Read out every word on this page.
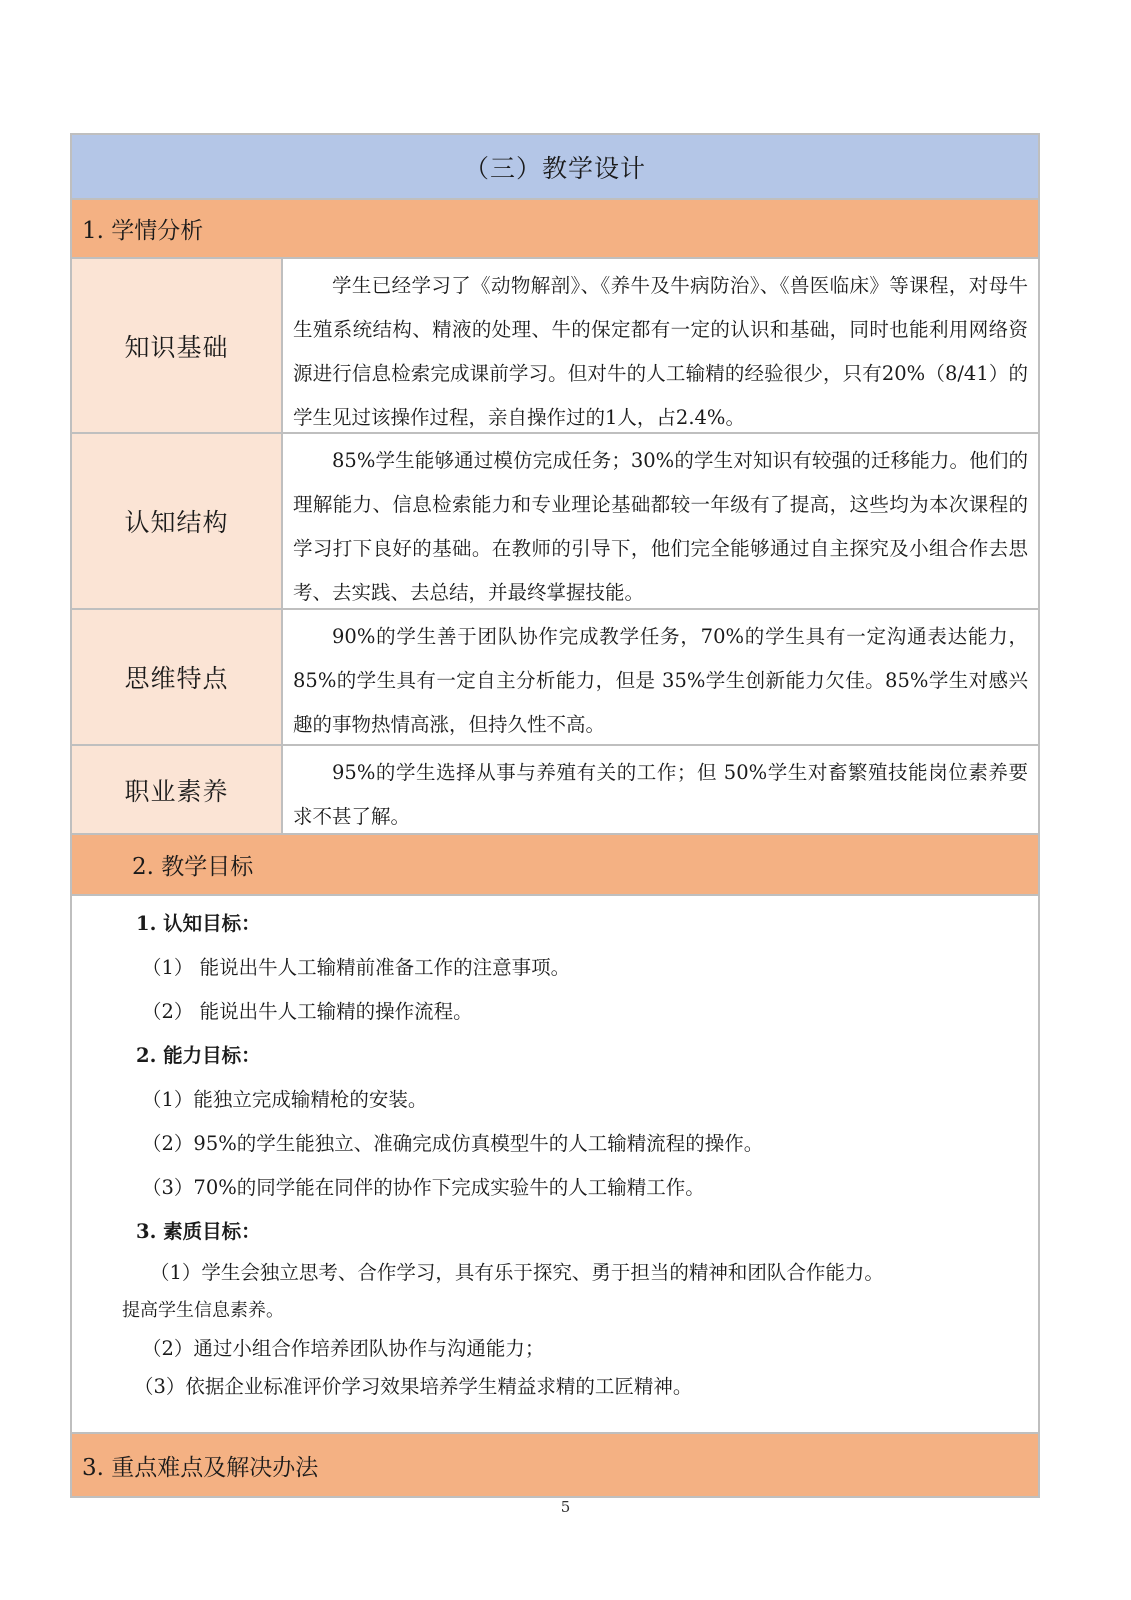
（三）教学设计
1. 学情分析
知识基础
学生已经学习了《动物解剖》、《养牛及牛病防治》、《兽医临床》等课程，对母牛生殖系统结构、精液的处理、牛的保定都有一定的认识和基础，同时也能利用网络资源进行信息检索完成课前学习。但对牛的人工输精的经验很少，只有20%（8/41）的学生见过该操作过程，亲自操作过的1人，占2.4%。
认知结构
85%学生能够通过模仿完成任务；30%的学生对知识有较强的迁移能力。他们的理解能力、信息检索能力和专业理论基础都较一年级有了提高，这些均为本次课程的学习打下良好的基础。在教师的引导下，他们完全能够通过自主探究及小组合作去思考、去实践、去总结，并最终掌握技能。
思维特点
90%的学生善于团队协作完成教学任务，70%的学生具有一定沟通表达能力，85%的学生具有一定自主分析能力，但是 35%学生创新能力欠佳。85%学生对感兴趣的事物热情高涨，但持久性不高。
职业素养
95%的学生选择从事与养殖有关的工作；但 50%学生对畜繁殖技能岗位素养要求不甚了解。
2. 教学目标
1. 认知目标：
（1） 能说出牛人工输精前准备工作的注意事项。
（2） 能说出牛人工输精的操作流程。
2. 能力目标：
（1）能独立完成输精枪的安装。
（2）95%的学生能独立、准确完成仿真模型牛的人工输精流程的操作。
（3）70%的同学能在同伴的协作下完成实验牛的人工输精工作。
3. 素质目标：
（1）学生会独立思考、合作学习，具有乐于探究、勇于担当的精神和团队合作能力。
提高学生信息素养。
（2）通过小组合作培养团队协作与沟通能力；
（3）依据企业标准评价学习效果培养学生精益求精的工匠精神。
3. 重点难点及解决办法
5
